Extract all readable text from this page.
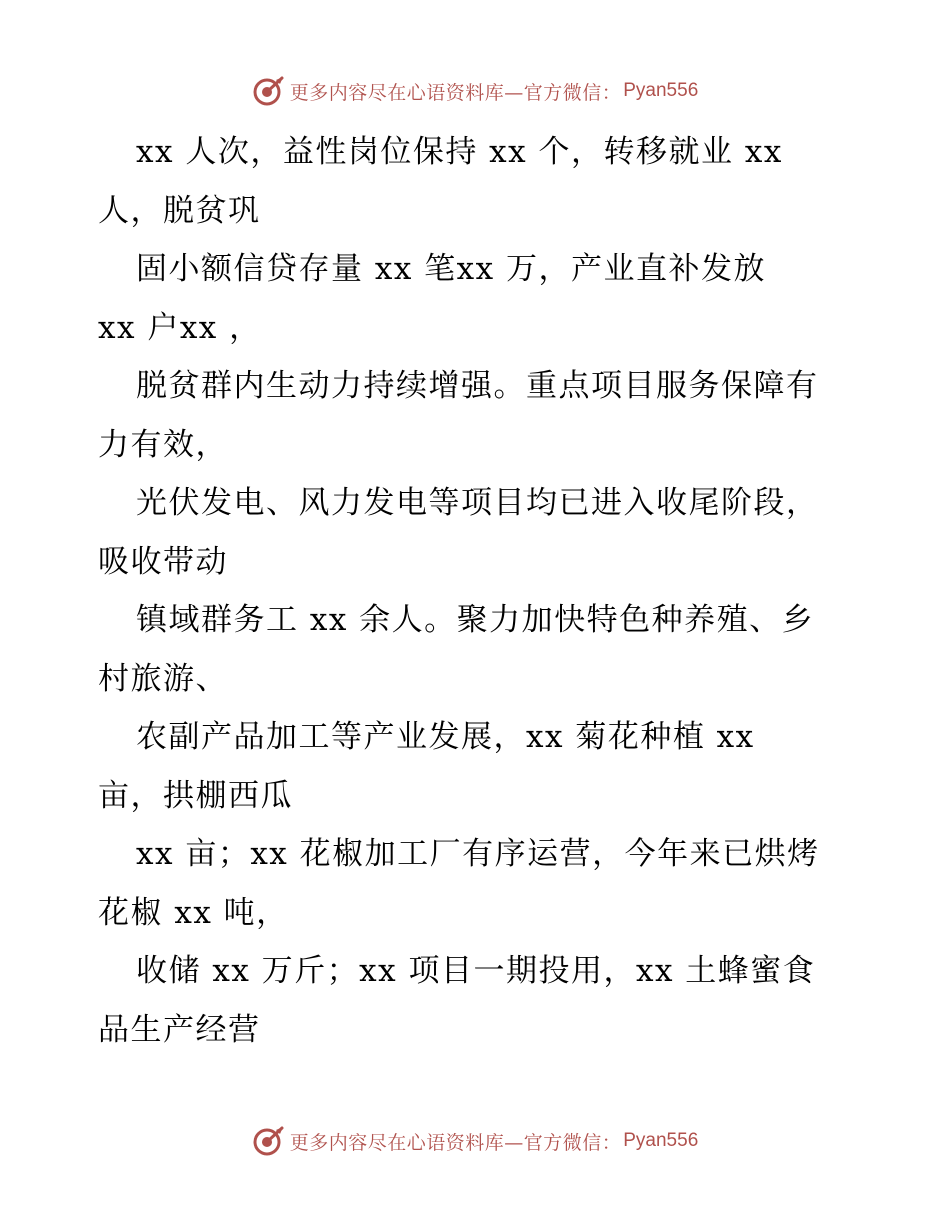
更多内容尽在心语资料库—官方微信： Pyan556
xx 人次，益性岗位保持 xx 个，转移就业 xx
人，脱贫巩
固小额信贷存量 xx 笔xx 万，产业直补发放
xx 户xx ，
脱贫群内生动力持续增强。重点项目服务保障有
力有效，
光伏发电、风力发电等项目均已进入收尾阶段，
吸收带动
镇域群务工 xx 余人。聚力加快特色种养殖、乡
村旅游、
农副产品加工等产业发展，xx 菊花种植 xx
亩，拱棚西瓜
xx 亩；xx 花椒加工厂有序运营，今年来已烘烤
花椒 xx 吨，
收储 xx 万斤；xx 项目一期投用，xx 土蜂蜜食
品生产经营
更多内容尽在心语资料库—官方微信： Pyan556
